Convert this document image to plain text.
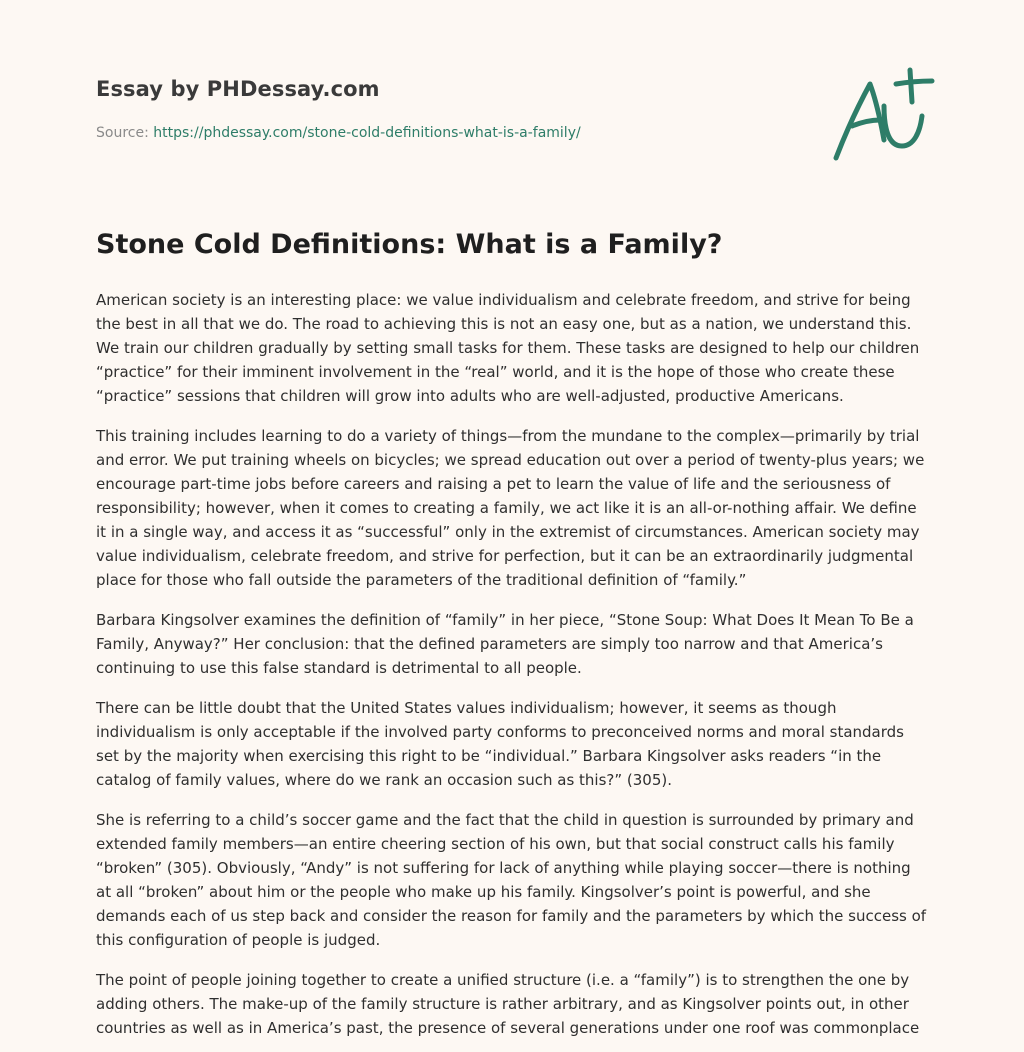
Essay by PHDessay.com
Source: https://phdessay.com/stone-cold-definitions-what-is-a-family/
Stone Cold Definitions: What is a Family?

American society is an interesting place: we value individualism and celebrate freedom, and strive for being the best in all that we do. The road to achieving this is not an easy one, but as a nation, we understand this. We train our children gradually by setting small tasks for them. These tasks are designed to help our children “practice” for their imminent involvement in the “real” world, and it is the hope of those who create these “practice” sessions that children will grow into adults who are well-adjusted, productive Americans.

This training includes learning to do a variety of things—from the mundane to the complex—primarily by trial and error. We put training wheels on bicycles; we spread education out over a period of twenty-plus years; we encourage part-time jobs before careers and raising a pet to learn the value of life and the seriousness of responsibility; however, when it comes to creating a family, we act like it is an all-or-nothing affair. We define it in a single way, and access it as “successful” only in the extremist of circumstances. American society may value individualism, celebrate freedom, and strive for perfection, but it can be an extraordinarily judgmental place for those who fall outside the parameters of the traditional definition of “family.”

Barbara Kingsolver examines the definition of “family” in her piece, “Stone Soup: What Does It Mean To Be a Family, Anyway?” Her conclusion: that the defined parameters are simply too narrow and that America’s continuing to use this false standard is detrimental to all people.

There can be little doubt that the United States values individualism; however, it seems as though individualism is only acceptable if the involved party conforms to preconceived norms and moral standards set by the majority when exercising this right to be “individual.” Barbara Kingsolver asks readers “in the catalog of family values, where do we rank an occasion such as this?” (305).

She is referring to a child’s soccer game and the fact that the child in question is surrounded by primary and extended family members—an entire cheering section of his own, but that social construct calls his family “broken” (305). Obviously, “Andy” is not suffering for lack of anything while playing soccer—there is nothing at all “broken” about him or the people who make up his family. Kingsolver’s point is powerful, and she demands each of us step back and consider the reason for family and the parameters by which the success of this configuration of people is judged.

The point of people joining together to create a unified structure (i.e. a “family”) is to strengthen the one by adding others. The make-up of the family structure is rather arbitrary, and as Kingsolver points out, in other countries as well as in America’s past, the presence of several generations under one roof was commonplace
